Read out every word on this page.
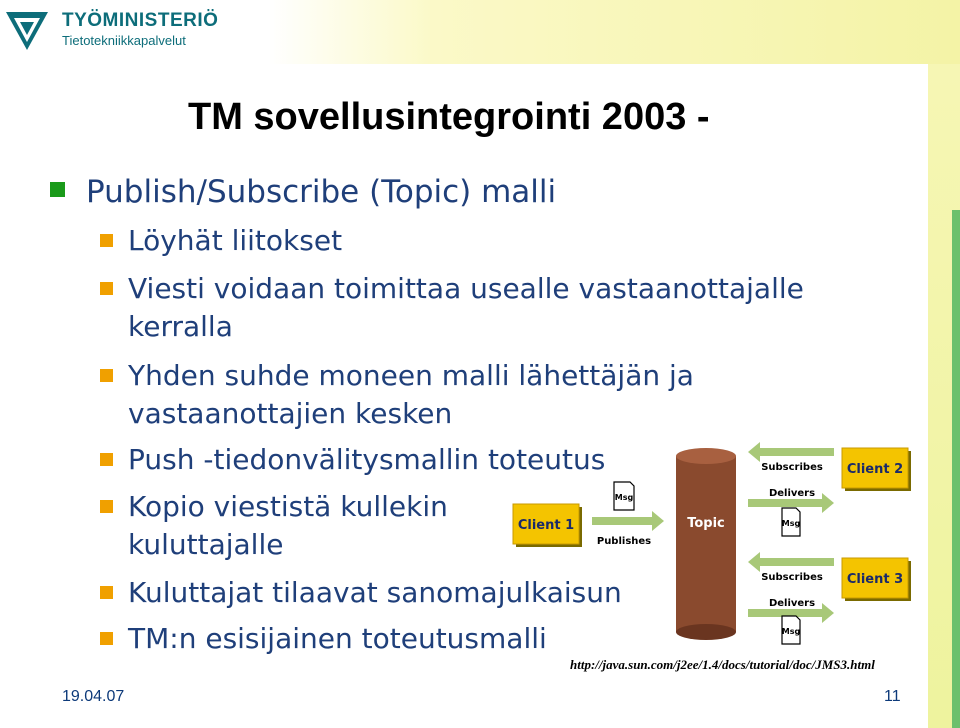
TYÖMINISTERIÖ
Tietotekniikkapalvelut
TM sovellusintegrointi 2003 -
Publish/Subscribe (Topic) malli
Löyhät liitokset
Viesti voidaan toimittaa usealle vastaanottajalle kerralla
Yhden suhde moneen malli lähettäjän ja vastaanottajien kesken
Push -tiedonvälitysmallin toteutus
Kopio viestistä kullekin kuluttajalle
Kuluttajat tilaavat sanomajulkaisun
TM:n esisijainen toteutusmalli
Client 1
Publishes
Msg
Topic
Subscribes
Delivers
Msg
Client 2
Subscribes
Delivers
Msg
Client 3
http://java.sun.com/j2ee/1.4/docs/tutorial/doc/JMS3.html
19.04.07	11
